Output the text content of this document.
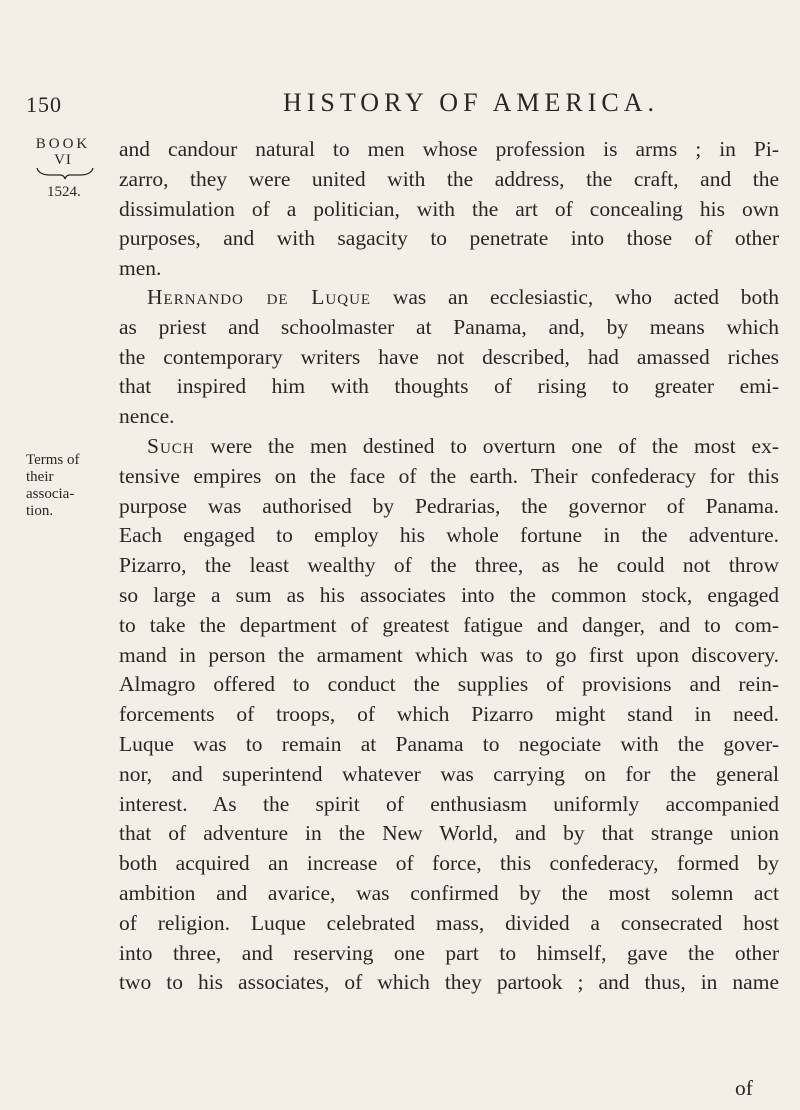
150	HISTORY OF AMERICA.
BOOK
VI
1524.
Terms of
their associa-
tion.
and candour natural to men whose profession is arms ; in Pi-
zarro, they were united with the address, the craft, and the
dissimulation of a politician, with the art of concealing his own
purposes, and with sagacity to penetrate into those of other
men.
Hernando de Luque was an ecclesiastic, who acted both
as priest and schoolmaster at Panama, and, by means which
the contemporary writers have not described, had amassed riches
that inspired him with thoughts of rising to greater emi-
nence.
Such were the men destined to overturn one of the most ex-
tensive empires on the face of the earth. Their confederacy for this
purpose was authorised by Pedrarias, the governor of Panama.
Each engaged to employ his whole fortune in the adventure.
Pizarro, the least wealthy of the three, as he could not throw
so large a sum as his associates into the common stock, engaged
to take the department of greatest fatigue and danger, and to com-
mand in person the armament which was to go first upon discovery.
Almagro offered to conduct the supplies of provisions and rein-
forcements of troops, of which Pizarro might stand in need.
Luque was to remain at Panama to negociate with the gover-
nor, and superintend whatever was carrying on for the general
interest. As the spirit of enthusiasm uniformly accompanied
that of adventure in the New World, and by that strange union
both acquired an increase of force, this confederacy, formed by
ambition and avarice, was confirmed by the most solemn act
of religion. Luque celebrated mass, divided a consecrated host
into three, and reserving one part to himself, gave the other
two to his associates, of which they partook ; and thus, in name
of
